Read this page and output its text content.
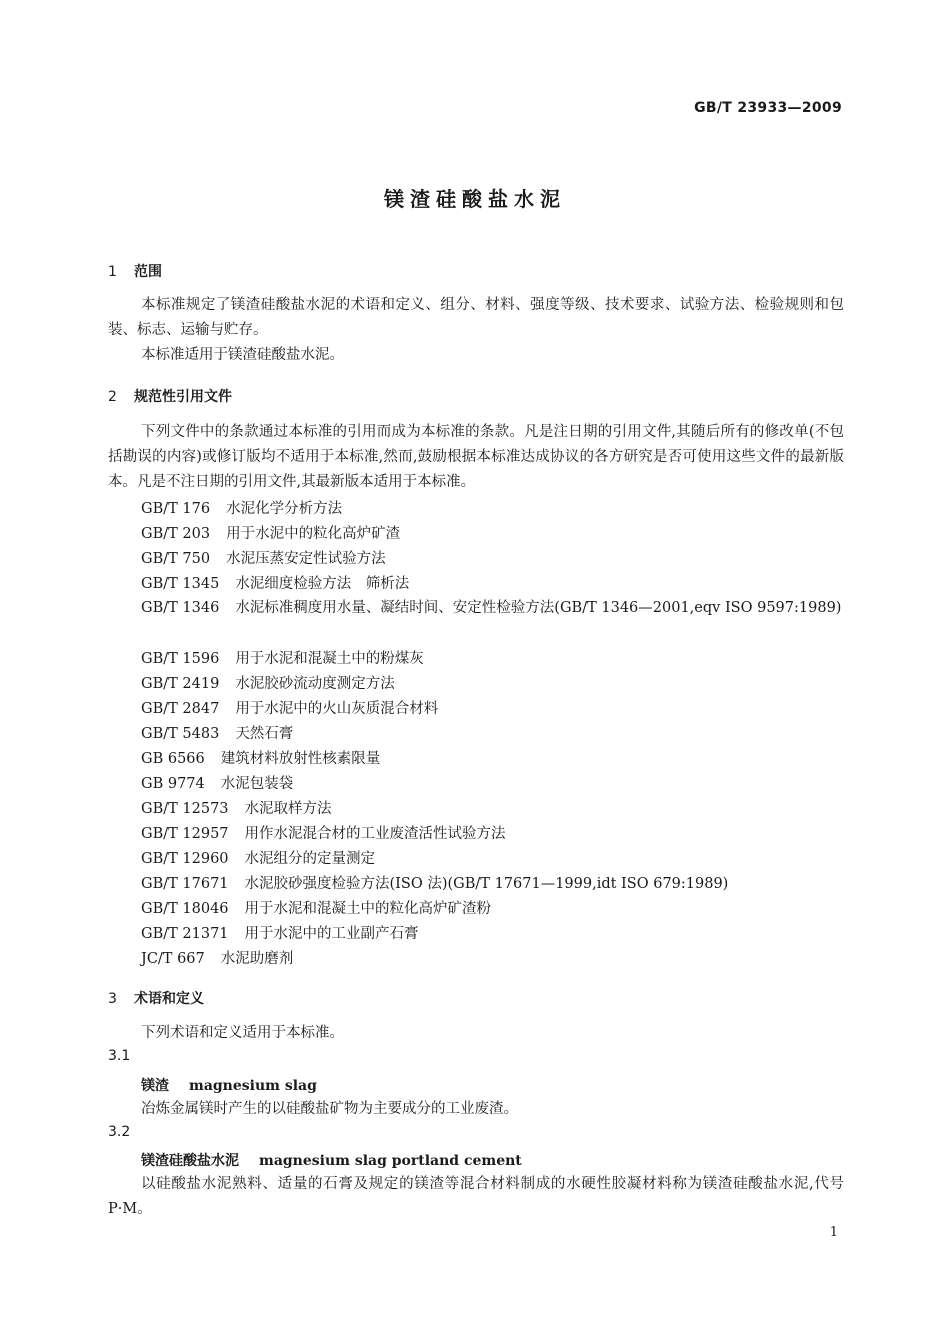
GB/T 23933—2009
镁渣硅酸盐水泥
1 范围
本标准规定了镁渣硅酸盐水泥的术语和定义、组分、材料、强度等级、技术要求、试验方法、检验规则和包装、标志、运输与贮存。
本标准适用于镁渣硅酸盐水泥。
2 规范性引用文件
下列文件中的条款通过本标准的引用而成为本标准的条款。凡是注日期的引用文件,其随后所有的修改单(不包括勘误的内容)或修订版均不适用于本标准,然而,鼓励根据本标准达成协议的各方研究是否可使用这些文件的最新版本。凡是不注日期的引用文件,其最新版本适用于本标准。
GB/T 176 水泥化学分析方法
GB/T 203 用于水泥中的粒化高炉矿渣
GB/T 750 水泥压蒸安定性试验方法
GB/T 1345 水泥细度检验方法　筛析法
GB/T 1346 水泥标准稠度用水量、凝结时间、安定性检验方法(GB/T 1346—2001,eqv ISO 9597:1989)
GB/T 1596 用于水泥和混凝土中的粉煤灰
GB/T 2419 水泥胶砂流动度测定方法
GB/T 2847 用于水泥中的火山灰质混合材料
GB/T 5483 天然石膏
GB 6566 建筑材料放射性核素限量
GB 9774 水泥包装袋
GB/T 12573 水泥取样方法
GB/T 12957 用作水泥混合材的工业废渣活性试验方法
GB/T 12960 水泥组分的定量测定
GB/T 17671 水泥胶砂强度检验方法(ISO 法)(GB/T 17671—1999,idt ISO 679:1989)
GB/T 18046 用于水泥和混凝土中的粒化高炉矿渣粉
GB/T 21371 用于水泥中的工业副产石膏
JC/T 667 水泥助磨剂
3 术语和定义
下列术语和定义适用于本标准。
3.1
镁渣 magnesium slag
冶炼金属镁时产生的以硅酸盐矿物为主要成分的工业废渣。
3.2
镁渣硅酸盐水泥 magnesium slag portland cement
以硅酸盐水泥熟料、适量的石膏及规定的镁渣等混合材料制成的水硬性胶凝材料称为镁渣硅酸盐水泥,代号 P·M。
1
